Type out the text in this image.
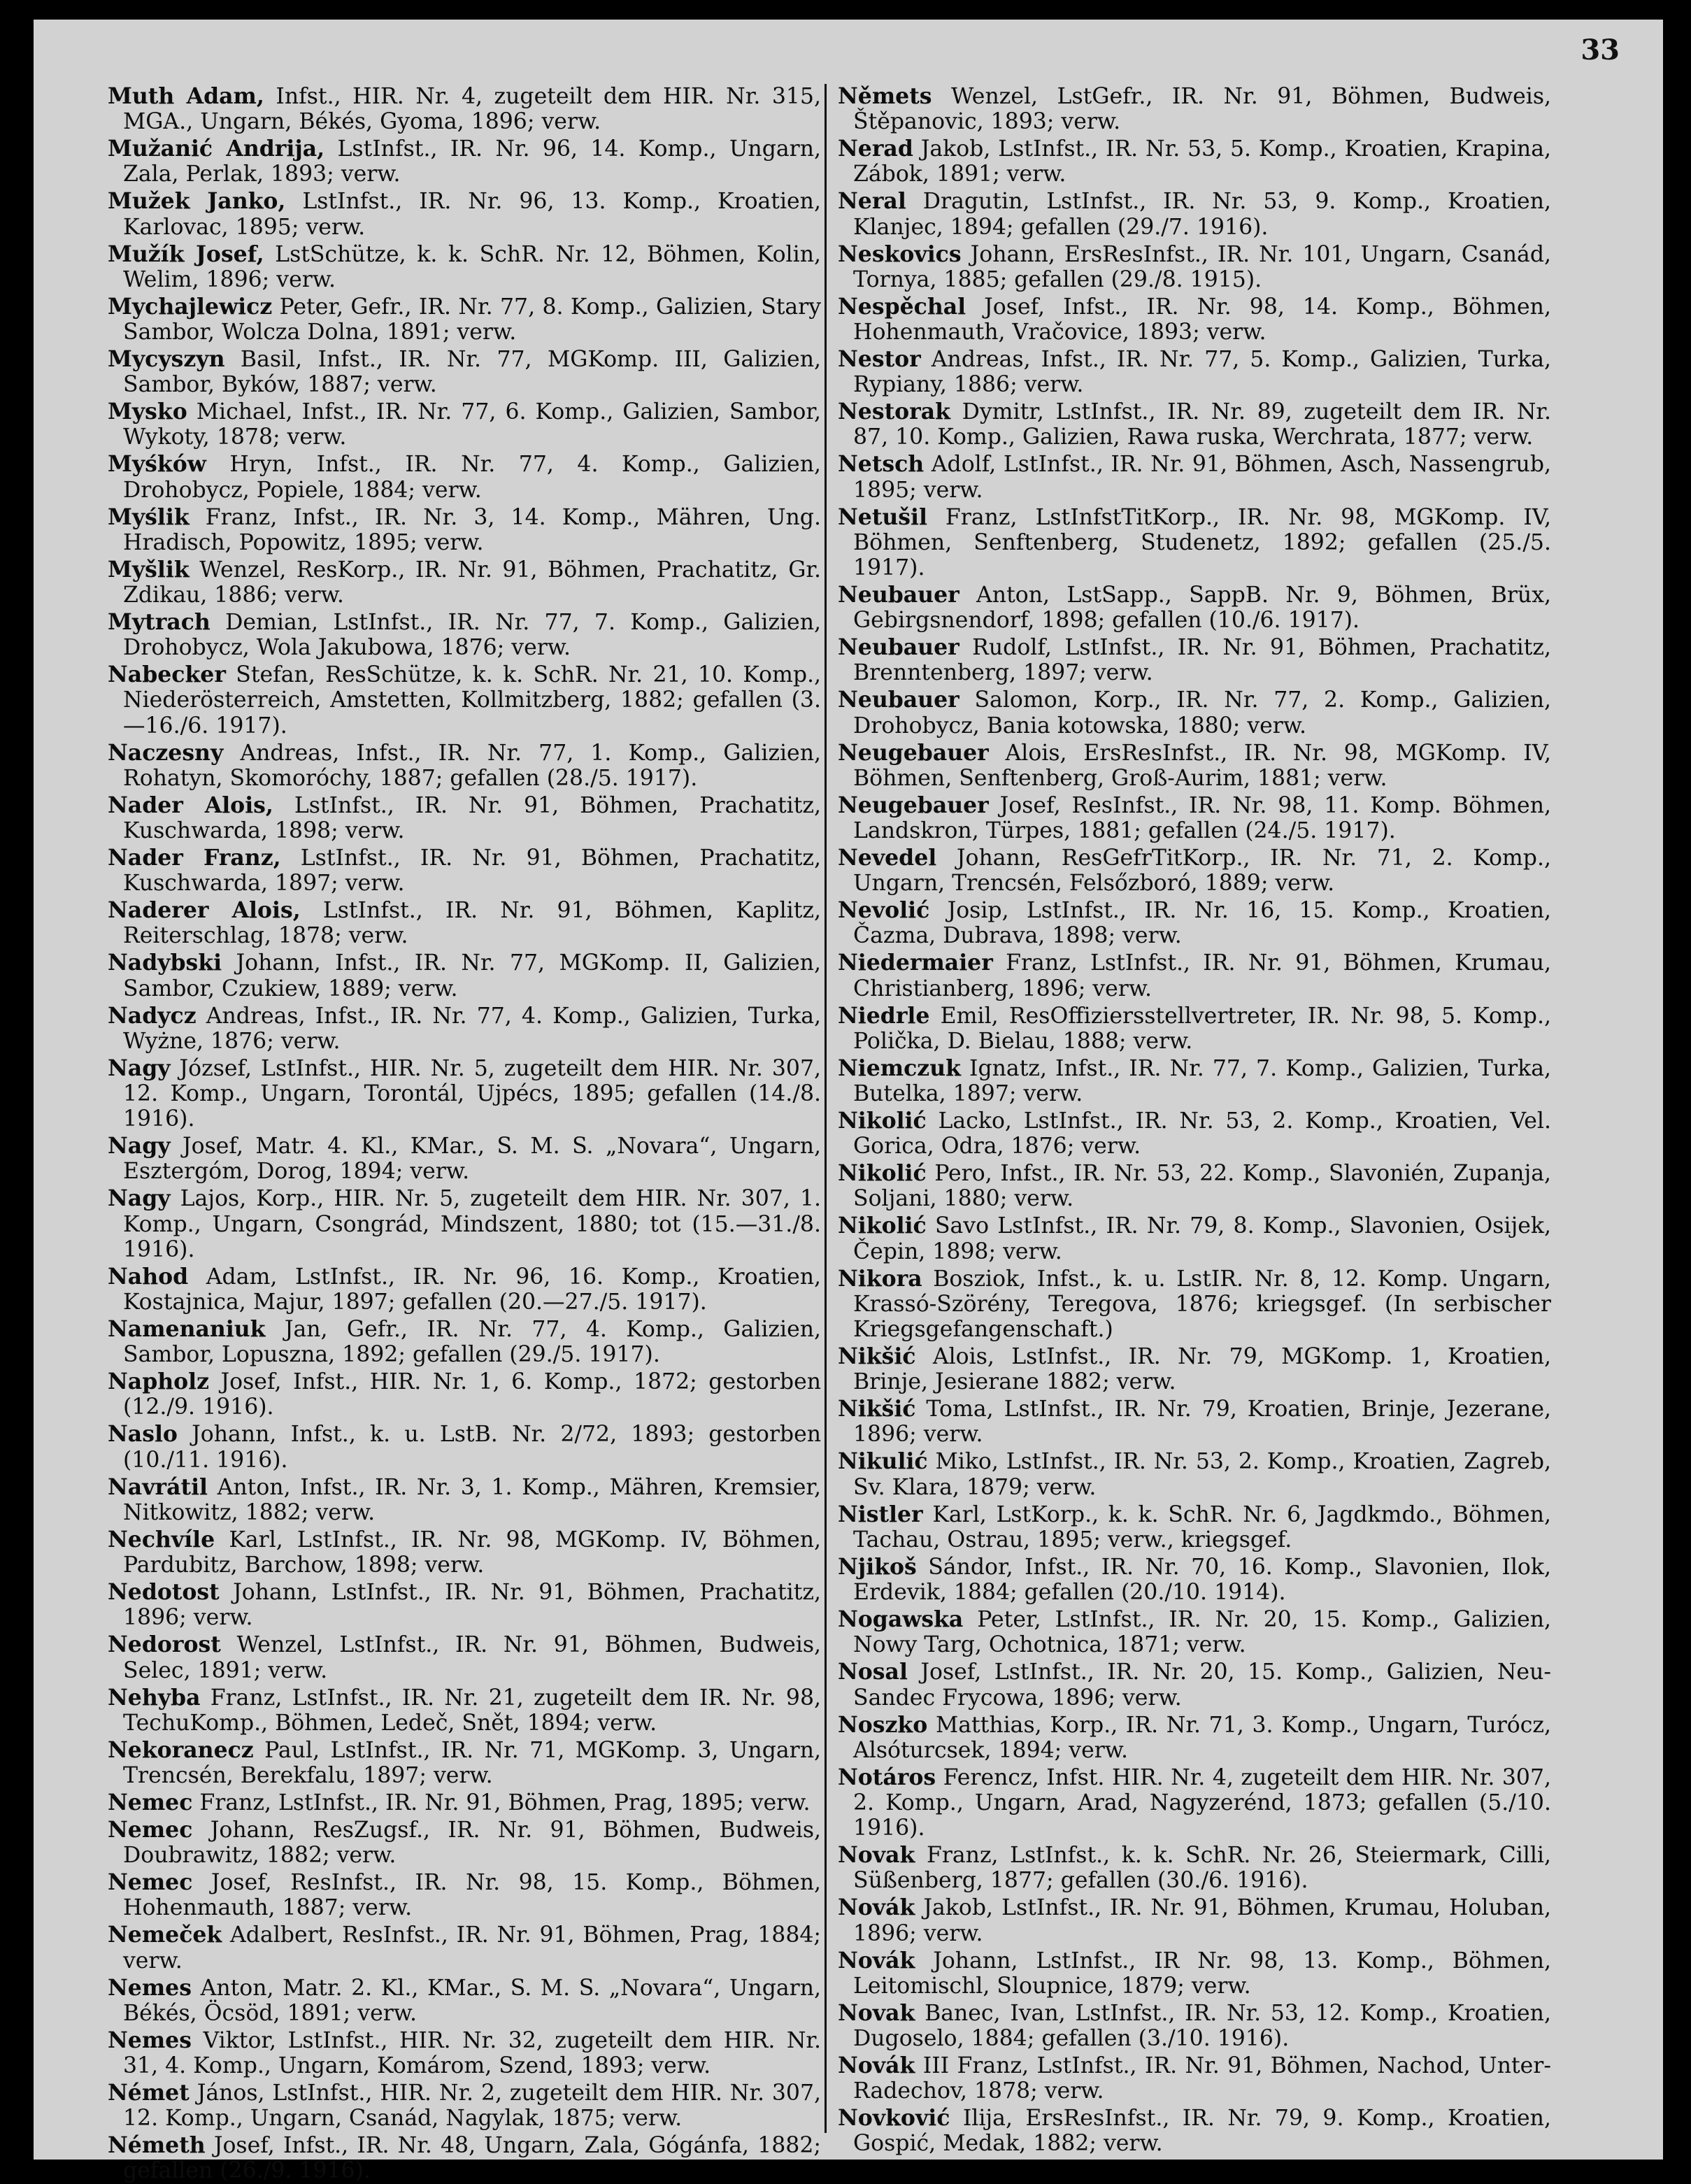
33

Muth Adam, Infst., HIR. Nr. 4, zugeteilt dem HIR. Nr. 315, MGA., Ungarn, Békés, Gyoma, 1896; verw.

Mužanić Andrija, LstInfst., IR. Nr. 96, 14. Komp., Ungarn, Zala, Perlak, 1893; verw.

Mužek Janko, LstInfst., IR. Nr. 96, 13. Komp., Kroatien, Karlovac, 1895; verw.

Mužík Josef, LstSchütze, k. k. SchR. Nr. 12, Böhmen, Kolin, Welim, 1896; verw.

Mychajlewicz Peter, Gefr., IR. Nr. 77, 8. Komp., Galizien, Stary Sambor, Wolcza Dolna, 1891; verw.

Mycyszyn Basil, Infst., IR. Nr. 77, MGKomp. III, Galizien, Sambor, Byków, 1887; verw.

Mysko Michael, Infst., IR. Nr. 77, 6. Komp., Galizien, Sambor, Wykoty, 1878; verw.

Myśków Hryn, Infst., IR. Nr. 77, 4. Komp., Galizien, Drohobycz, Popiele, 1884; verw.

Myślik Franz, Infst., IR. Nr. 3, 14. Komp., Mähren, Ung. Hradisch, Popowitz, 1895; verw.

Myšlik Wenzel, ResKorp., IR. Nr. 91, Böhmen, Prachatitz, Gr. Zdikau, 1886; verw.

Mytrach Demian, LstInfst., IR. Nr. 77, 7. Komp., Galizien, Drohobycz, Wola Jakubowa, 1876; verw.

Nabecker Stefan, ResSchütze, k. k. SchR. Nr. 21, 10. Komp., Niederösterreich, Amstetten, Kollmitzberg, 1882; gefallen (3.—16./6. 1917).

Naczesny Andreas, Infst., IR. Nr. 77, 1. Komp., Galizien, Rohatyn, Skomoróchy, 1887; gefallen (28./5. 1917).

Nader Alois, LstInfst., IR. Nr. 91, Böhmen, Prachatitz, Kuschwarda, 1898; verw.

Nader Franz, LstInfst., IR. Nr. 91, Böhmen, Prachatitz, Kuschwarda, 1897; verw.

Naderer Alois, LstInfst., IR. Nr. 91, Böhmen, Kaplitz, Reiterschlag, 1878; verw.

Nadybski Johann, Infst., IR. Nr. 77, MGKomp. II, Galizien, Sambor, Czukiew, 1889; verw.

Nadycz Andreas, Infst., IR. Nr. 77, 4. Komp., Galizien, Turka, Wyżne, 1876; verw.

Nagy József, LstInfst., HIR. Nr. 5, zugeteilt dem HIR. Nr. 307, 12. Komp., Ungarn, Torontál, Ujpécs, 1895; gefallen (14./8. 1916).

Nagy Josef, Matr. 4. Kl., KMar., S. M. S. „Novara“, Ungarn, Esztergóm, Dorog, 1894; verw.

Nagy Lajos, Korp., HIR. Nr. 5, zugeteilt dem HIR. Nr. 307, 1. Komp., Ungarn, Csongrád, Mindszent, 1880; tot (15.—31./8. 1916).

Nahod Adam, LstInfst., IR. Nr. 96, 16. Komp., Kroatien, Kostajnica, Majur, 1897; gefallen (20.—27./5. 1917).

Namenaniuk Jan, Gefr., IR. Nr. 77, 4. Komp., Galizien, Sambor, Lopuszna, 1892; gefallen (29./5. 1917).

Napholz Josef, Infst., HIR. Nr. 1, 6. Komp., 1872; gestorben (12./9. 1916).

Naslo Johann, Infst., k. u. LstB. Nr. 2/72, 1893; gestorben (10./11. 1916).

Navrátil Anton, Infst., IR. Nr. 3, 1. Komp., Mähren, Kremsier, Nitkowitz, 1882; verw.

Nechvíle Karl, LstInfst., IR. Nr. 98, MGKomp. IV, Böhmen, Pardubitz, Barchow, 1898; verw.

Nedotost Johann, LstInfst., IR. Nr. 91, Böhmen, Prachatitz, 1896; verw.

Nedorost Wenzel, LstInfst., IR. Nr. 91, Böhmen, Budweis, Selec, 1891; verw.

Nehyba Franz, LstInfst., IR. Nr. 21, zugeteilt dem IR. Nr. 98, TechuKomp., Böhmen, Ledeč, Snět, 1894; verw.

Nekoranecz Paul, LstInfst., IR. Nr. 71, MGKomp. 3, Ungarn, Trencsén, Berekfalu, 1897; verw.

Nemec Franz, LstInfst., IR. Nr. 91, Böhmen, Prag, 1895; verw.

Nemec Johann, ResZugsf., IR. Nr. 91, Böhmen, Budweis, Doubrawitz, 1882; verw.

Nemec Josef, ResInfst., IR. Nr. 98, 15. Komp., Böhmen, Hohenmauth, 1887; verw.

Nemeček Adalbert, ResInfst., IR. Nr. 91, Böhmen, Prag, 1884; verw.

Nemes Anton, Matr. 2. Kl., KMar., S. M. S. „Novara“, Ungarn, Békés, Öcsöd, 1891; verw.

Nemes Viktor, LstInfst., HIR. Nr. 32, zugeteilt dem HIR. Nr. 31, 4. Komp., Ungarn, Komárom, Szend, 1893; verw.

Német János, LstInfst., HIR. Nr. 2, zugeteilt dem HIR. Nr. 307, 12. Komp., Ungarn, Csanád, Nagylak, 1875; verw.

Németh Josef, Infst., IR. Nr. 48, Ungarn, Zala, Gógánfa, 1882; gefallen (26./9. 1916).

Němets Wenzel, LstGefr., IR. Nr. 91, Böhmen, Budweis, Štěpanovic, 1893; verw.

Nerad Jakob, LstInfst., IR. Nr. 53, 5. Komp., Kroatien, Krapina, Zábok, 1891; verw.

Neral Dragutin, LstInfst., IR. Nr. 53, 9. Komp., Kroatien, Klanjec, 1894; gefallen (29./7. 1916).

Neskovics Johann, ErsResInfst., IR. Nr. 101, Ungarn, Csanád, Tornya, 1885; gefallen (29./8. 1915).

Nespěchal Josef, Infst., IR. Nr. 98, 14. Komp., Böhmen, Hohenmauth, Vračovice, 1893; verw.

Nestor Andreas, Infst., IR. Nr. 77, 5. Komp., Galizien, Turka, Rypiany, 1886; verw.

Nestorak Dymitr, LstInfst., IR. Nr. 89, zugeteilt dem IR. Nr. 87, 10. Komp., Galizien, Rawa ruska, Werchrata, 1877; verw.

Netsch Adolf, LstInfst., IR. Nr. 91, Böhmen, Asch, Nassengrub, 1895; verw.

Netušil Franz, LstInfstTitKorp., IR. Nr. 98, MGKomp. IV, Böhmen, Senftenberg, Studenetz, 1892; gefallen (25./5. 1917).

Neubauer Anton, LstSapp., SappB. Nr. 9, Böhmen, Brüx, Gebirgsnendorf, 1898; gefallen (10./6. 1917).

Neubauer Rudolf, LstInfst., IR. Nr. 91, Böhmen, Prachatitz, Brenntenberg, 1897; verw.

Neubauer Salomon, Korp., IR. Nr. 77, 2. Komp., Galizien, Drohobycz, Bania kotowska, 1880; verw.

Neugebauer Alois, ErsResInfst., IR. Nr. 98, MGKomp. IV, Böhmen, Senftenberg, Groß-Aurim, 1881; verw.

Neugebauer Josef, ResInfst., IR. Nr. 98, 11. Komp. Böhmen, Landskron, Türpes, 1881; gefallen (24./5. 1917).

Nevedel Johann, ResGefrTitKorp., IR. Nr. 71, 2. Komp., Ungarn, Trencsén, Felsőzboró, 1889; verw.

Nevolić Josip, LstInfst., IR. Nr. 16, 15. Komp., Kroatien, Čazma, Dubrava, 1898; verw.

Niedermaier Franz, LstInfst., IR. Nr. 91, Böhmen, Krumau, Christianberg, 1896; verw.

Niedrle Emil, ResOffiziersstellvertreter, IR. Nr. 98, 5. Komp., Polička, D. Bielau, 1888; verw.

Niemczuk Ignatz, Infst., IR. Nr. 77, 7. Komp., Galizien, Turka, Butelka, 1897; verw.

Nikolić Lacko, LstInfst., IR. Nr. 53, 2. Komp., Kroatien, Vel. Gorica, Odra, 1876; verw.

Nikolić Pero, Infst., IR. Nr. 53, 22. Komp., Slavonién, Zupanja, Soljani, 1880; verw.

Nikolić Savo LstInfst., IR. Nr. 79, 8. Komp., Slavonien, Osijek, Čepin, 1898; verw.

Nikora Bosziok, Infst., k. u. LstIR. Nr. 8, 12. Komp. Ungarn, Krassó-Szörény, Teregova, 1876; kriegsgef. (In serbischer Kriegsgefangenschaft.)

Nikšić Alois, LstInfst., IR. Nr. 79, MGKomp. 1, Kroatien, Brinje, Jesierane 1882; verw.

Nikšić Toma, LstInfst., IR. Nr. 79, Kroatien, Brinje, Jezerane, 1896; verw.

Nikulić Miko, LstInfst., IR. Nr. 53, 2. Komp., Kroatien, Zagreb, Sv. Klara, 1879; verw.

Nistler Karl, LstKorp., k. k. SchR. Nr. 6, Jagdkmdo., Böhmen, Tachau, Ostrau, 1895; verw., kriegsgef.

Njikoš Sándor, Infst., IR. Nr. 70, 16. Komp., Slavonien, Ilok, Erdevik, 1884; gefallen (20./10. 1914).

Nogawska Peter, LstInfst., IR. Nr. 20, 15. Komp., Galizien, Nowy Targ, Ochotnica, 1871; verw.

Nosal Josef, LstInfst., IR. Nr. 20, 15. Komp., Galizien, Neu-Sandec Frycowa, 1896; verw.

Noszko Matthias, Korp., IR. Nr. 71, 3. Komp., Ungarn, Turócz, Alsóturcsek, 1894; verw.

Notáros Ferencz, Infst. HIR. Nr. 4, zugeteilt dem HIR. Nr. 307, 2. Komp., Ungarn, Arad, Nagyzerénd, 1873; gefallen (5./10. 1916).

Novak Franz, LstInfst., k. k. SchR. Nr. 26, Steiermark, Cilli, Süßenberg, 1877; gefallen (30./6. 1916).

Novák Jakob, LstInfst., IR. Nr. 91, Böhmen, Krumau, Holuban, 1896; verw.

Novák Johann, LstInfst., IR Nr. 98, 13. Komp., Böhmen, Leitomischl, Sloupnice, 1879; verw.

Novak Banec, Ivan, LstInfst., IR. Nr. 53, 12. Komp., Kroatien, Dugoselo, 1884; gefallen (3./10. 1916).

Novák III Franz, LstInfst., IR. Nr. 91, Böhmen, Nachod, Unter-Radechov, 1878; verw.

Novković Ilija, ErsResInfst., IR. Nr. 79, 9. Komp., Kroatien, Gospić, Medak, 1882; verw.
